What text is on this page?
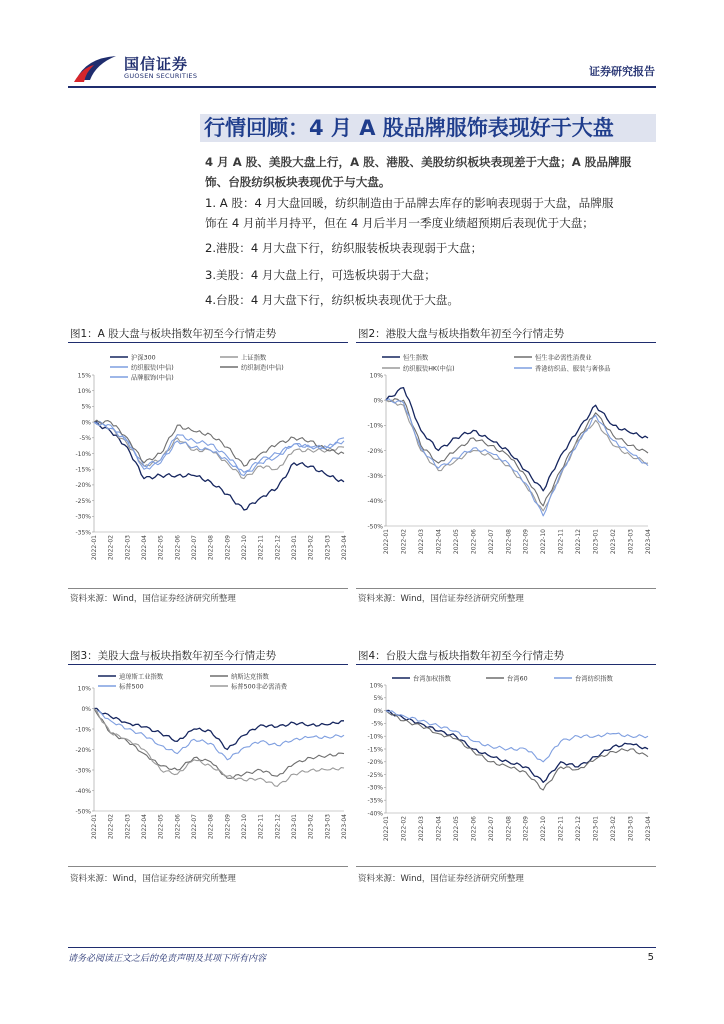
国信证券
GUOSEN SECURITIES	证券研究报告
行情回顾：4 月 A 股品牌服饰表现好于大盘
4 月 A 股、美股大盘上行，A 股、港股、美股纺织板块表现差于大盘；A 股品牌服
饰、台股纺织板块表现优于与大盘。
1. A 股：4 月大盘回暖，纺织制造由于品牌去库存的影响表现弱于大盘，品牌服
饰在 4 月前半月持平，但在 4 月后半月一季度业绩超预期后表现优于大盘；
2.港股：4 月大盘下行，纺织服装板块表现弱于大盘；
3.美股：4 月大盘上行，可选板块弱于大盘；
4.台股：4 月大盘下行，纺织板块表现优于大盘。
图1：A 股大盘与板块指数年初至今行情走势
15%
10%
5%
0%
-5%
-10%
-15%
-20%
-25%
-30%
-35%
2022-01 2022-02 2022-03 2022-04 2022-05 2022-06 2022-07 2022-08 2022-09 2022-10 2022-11 2022-12 2023-01 2023-02 2023-03 2023-04
沪深300	上证指数
纺织服装(中信)	纺织制造(中信)
品牌服饰(中信)
资料来源：Wind，国信证券经济研究所整理
图2：港股大盘与板块指数年初至今行情走势
10%
0%
-10%
-20%
-30%
-40%
-50%
2022-01 2022-02 2022-03 2022-04 2022-05 2022-06 2022-07 2022-08 2022-09 2022-10 2022-11 2022-12 2023-01 2023-02 2023-03 2023-04
恒生指数	恒生非必需性消费业
纺织服装HK(中信)	香港纺织品、服装与奢侈品
资料来源：Wind，国信证券经济研究所整理
图3：美股大盘与板块指数年初至今行情走势
10%
0%
-10%
-20%
-30%
-40%
-50%
2022-01 2022-02 2022-03 2022-04 2022-05 2022-06 2022-07 2022-08 2022-09 2022-10 2022-11 2022-12 2023-01 2023-02 2023-03 2023-04
道琼斯工业指数	纳斯达克指数
标普500	标普500非必需消费
资料来源：Wind，国信证券经济研究所整理
图4：台股大盘与板块指数年初至今行情走势
10%
5%
0%
-5%
-10%
-15%
-20%
-25%
-30%
-35%
-40%
2022-01 2022-02 2022-03 2022-04 2022-05 2022-06 2022-07 2022-08 2022-09 2022-10 2022-11 2022-12 2023-01 2023-02 2023-03 2023-04
台湾加权指数	台湾60	台湾纺织指数
资料来源：Wind，国信证券经济研究所整理
请务必阅读正文之后的免责声明及其项下所有内容	5
